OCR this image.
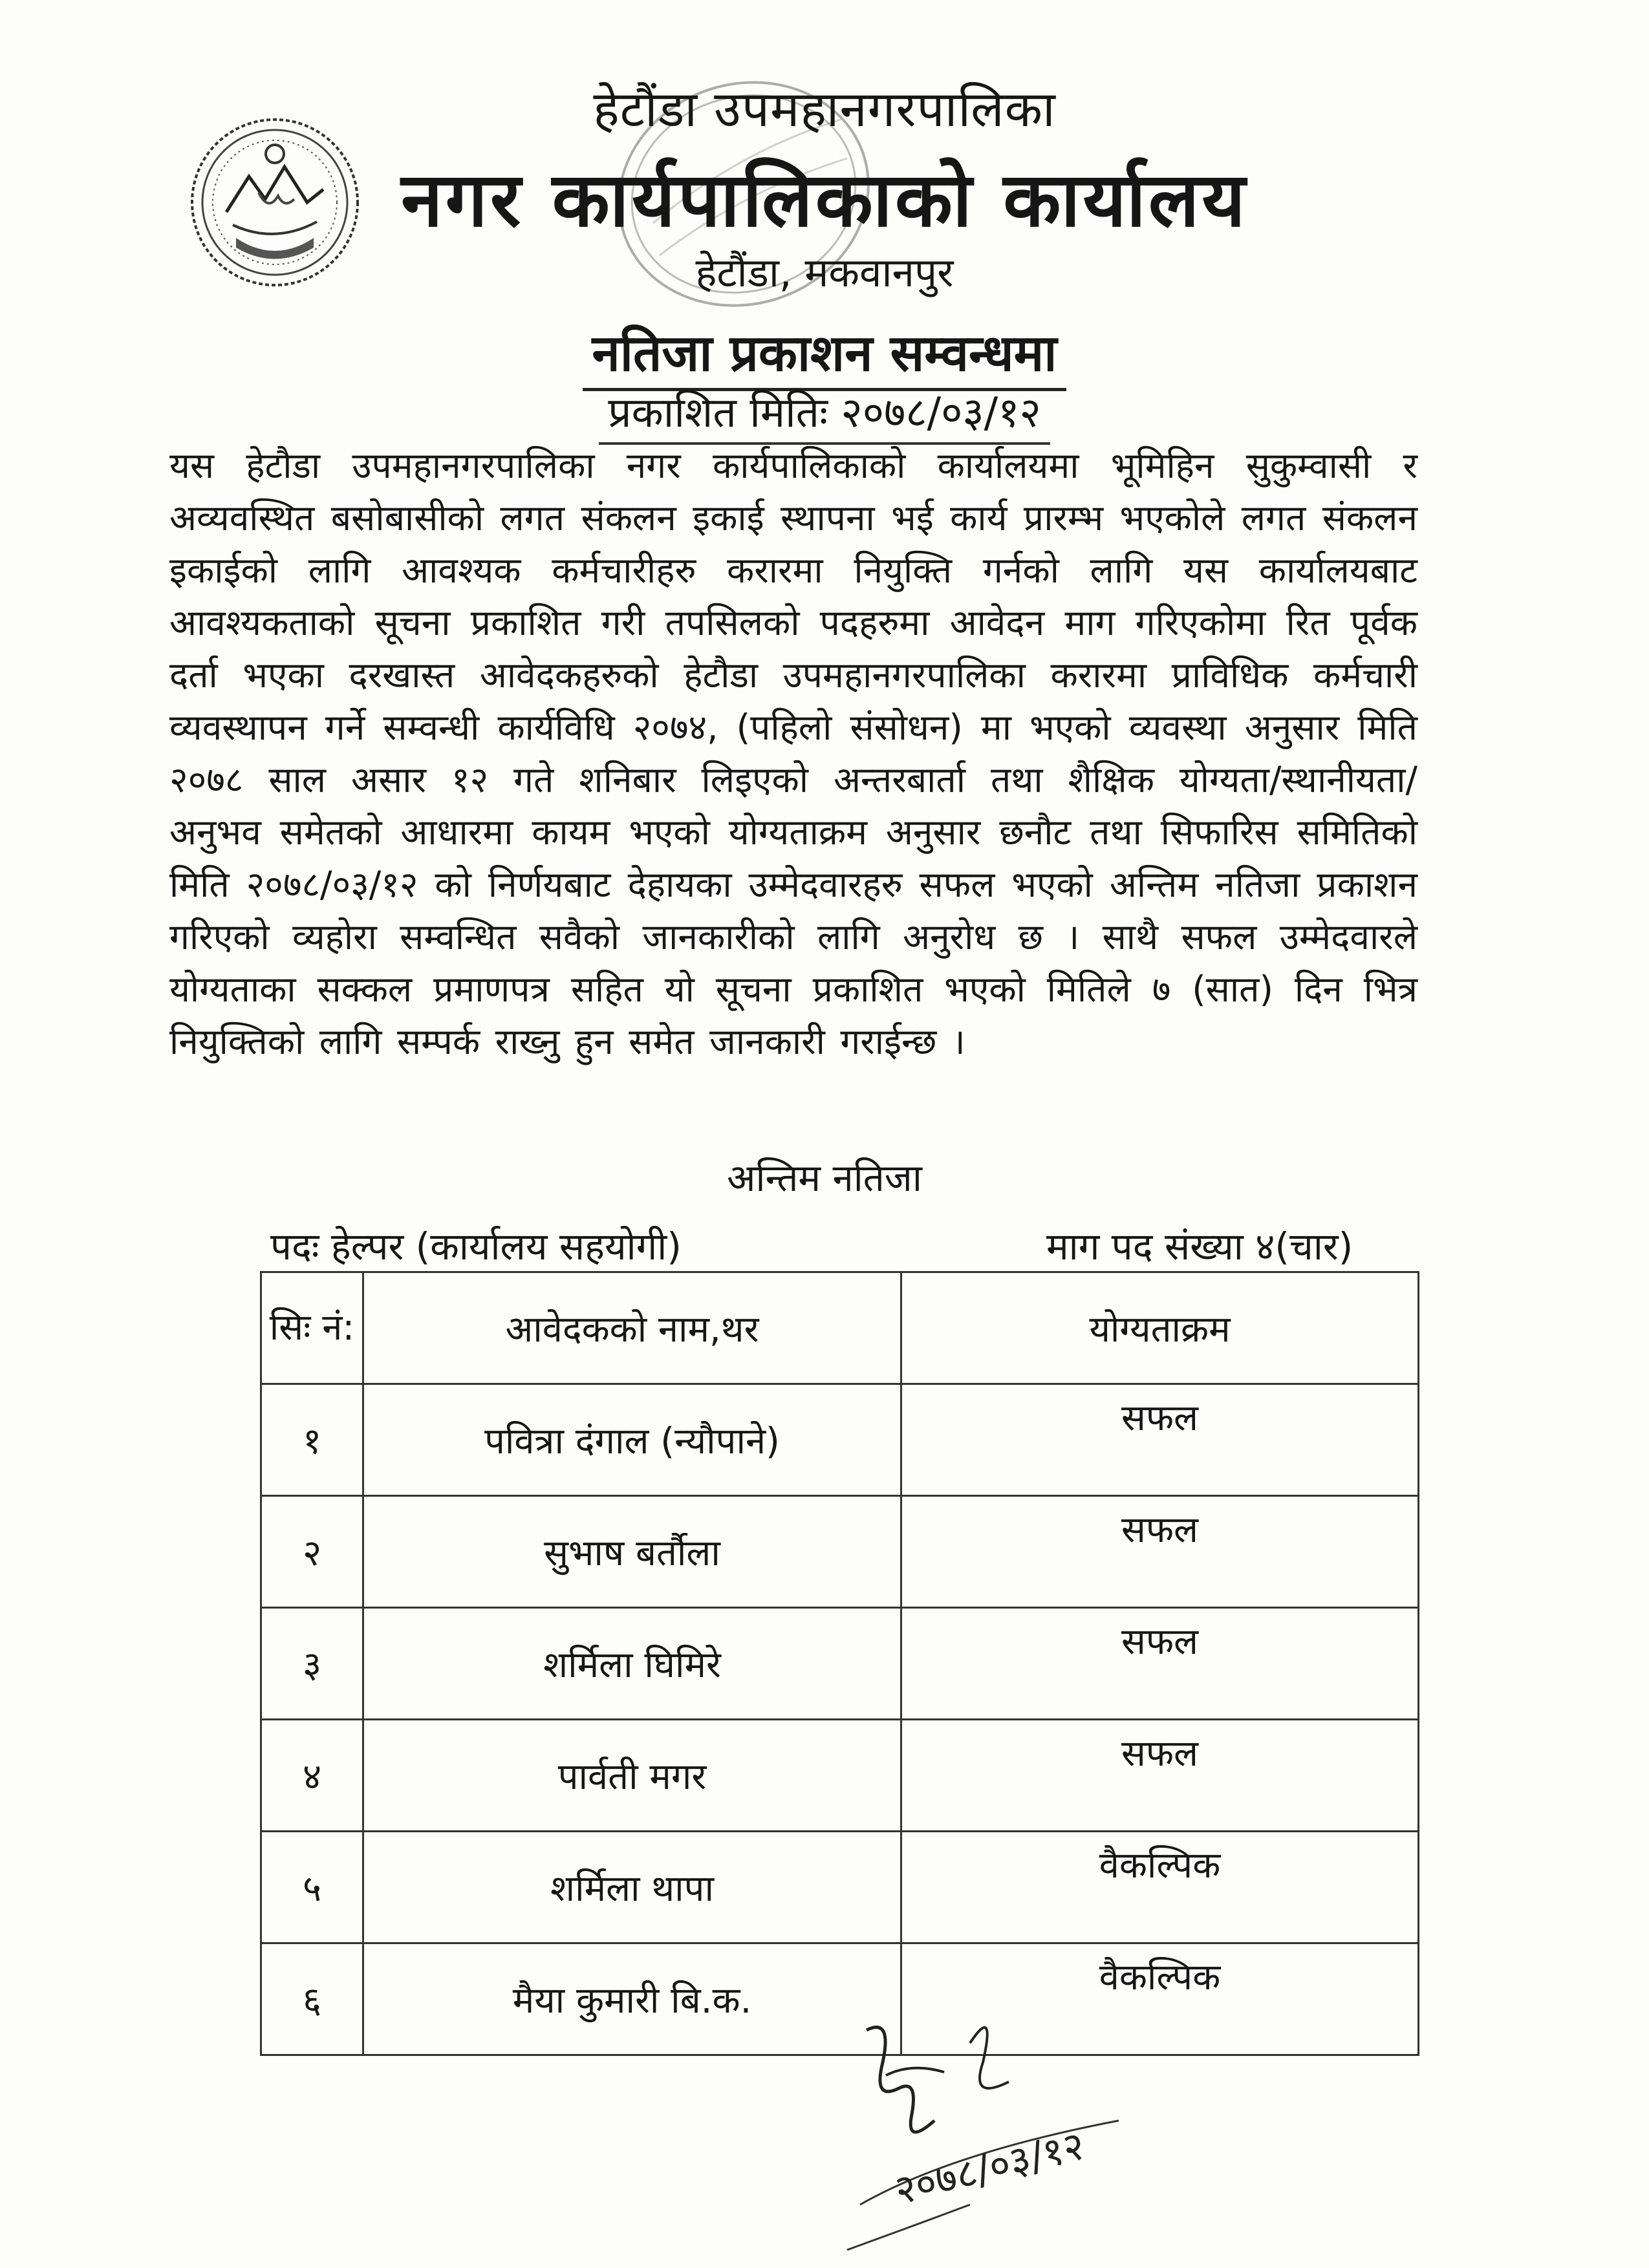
हेटौंडा उपमहानगरपालिका
नगर कार्यपालिकाको कार्यालय
हेटौंडा, मकवानपुर
नतिजा प्रकाशन सम्वन्धमा
प्रकाशित मितिः २०७८/०३/१२
यस हेटौडा उपमहानगरपालिका नगर कार्यपालिकाको कार्यालयमा भूमिहिन सुकुम्वासी र अव्यवस्थित बसोबासीको लगत संकलन इकाई स्थापना भई कार्य प्रारम्भ भएकोले लगत संकलन इकाईको लागि आवश्यक कर्मचारीहरु करारमा नियुक्ति गर्नको लागि यस कार्यालयबाट आवश्यकताको सूचना प्रकाशित गरी तपसिलको पदहरुमा आवेदन माग गरिएकोमा रित पूर्वक दर्ता भएका दरखास्त आवेदकहरुको हेटौडा उपमहानगरपालिका करारमा प्राविधिक कर्मचारी व्यवस्थापन गर्ने सम्वन्धी कार्यविधि २०७४, (पहिलो संसोधन) मा भएको व्यवस्था अनुसार मिति २०७८ साल असार १२ गते शनिबार लिइएको अन्तरबार्ता तथा शैक्षिक योग्यता/स्थानीयता/ अनुभव समेतको आधारमा कायम भएको योग्यताक्रम अनुसार छनौट तथा सिफारिस समितिको मिति २०७८/०३/१२ को निर्णयबाट देहायका उम्मेदवारहरु सफल भएको अन्तिम नतिजा प्रकाशन गरिएको व्यहोरा सम्वन्धित सवैको जानकारीको लागि अनुरोध छ । साथै सफल उम्मेदवारले योग्यताका सक्कल प्रमाणपत्र सहित यो सूचना प्रकाशित भएको मितिले ७ (सात) दिन भित्र नियुक्तिको लागि सम्पर्क राख्नु हुन समेत जानकारी गराईन्छ ।
अन्तिम नतिजा
पदः हेल्पर (कार्यालय सहयोगी)	माग पद संख्या ४(चार)
सिः नं:	आवेदकको नाम,थर	योग्यताक्रम
१	पवित्रा दंगाल (न्यौपाने)	सफल
२	सुभाष बर्तौला	सफल
३	शर्मिला घिमिरे	सफल
४	पार्वती मगर	सफल
५	शर्मिला थापा	वैकल्पिक
६	मैया कुमारी बि.क.	वैकल्पिक
२०७८/०३/१२
